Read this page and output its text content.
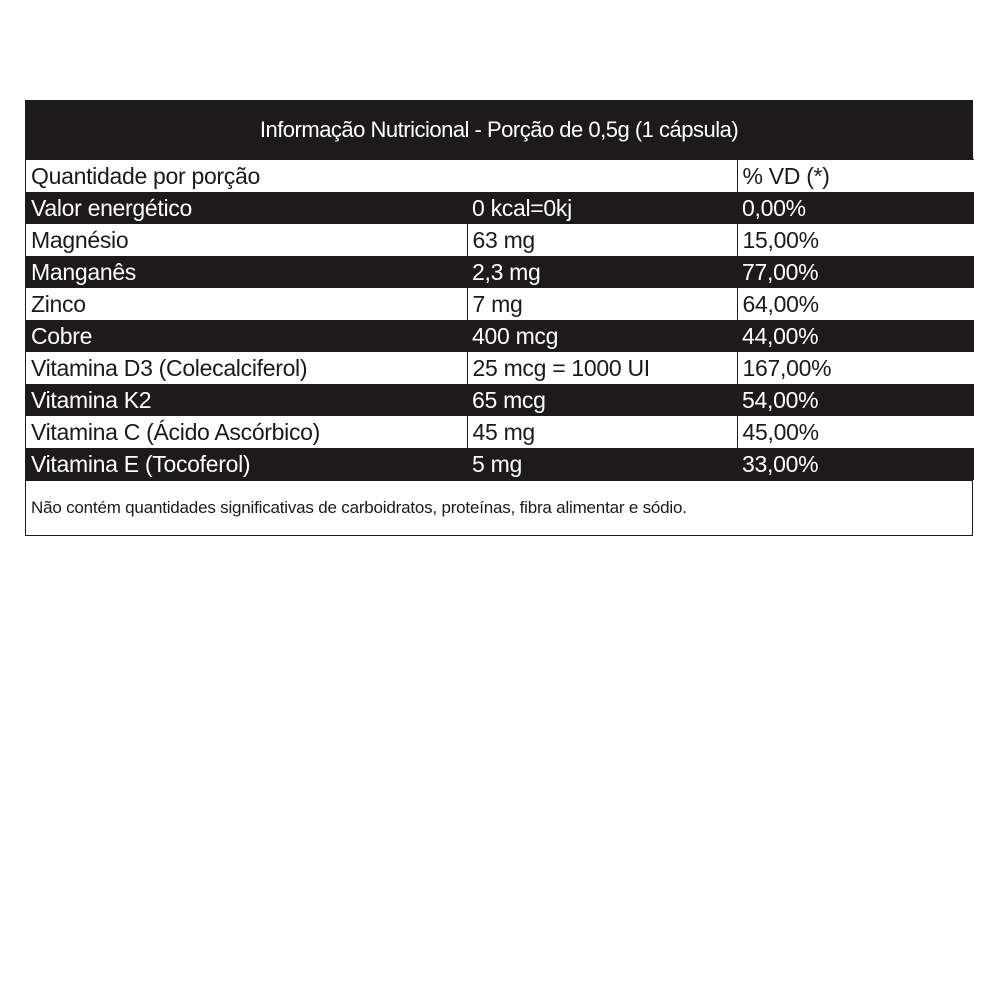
Informação Nutricional - Porção de 0,5g (1 cápsula)
Quantidade por porção		% VD (*)
Valor energético	0 kcal=0kj	0,00%
Magnésio	63 mg	15,00%
Manganês	2,3 mg	77,00%
Zinco	7 mg	64,00%
Cobre	400 mcg	44,00%
Vitamina D3 (Colecalciferol)	25 mcg = 1000 UI	167,00%
Vitamina K2	65 mcg	54,00%
Vitamina C (Ácido Ascórbico)	45 mg	45,00%
Vitamina E (Tocoferol)	5 mg	33,00%
Não contém quantidades significativas de carboidratos, proteínas, fibra alimentar e sódio.
